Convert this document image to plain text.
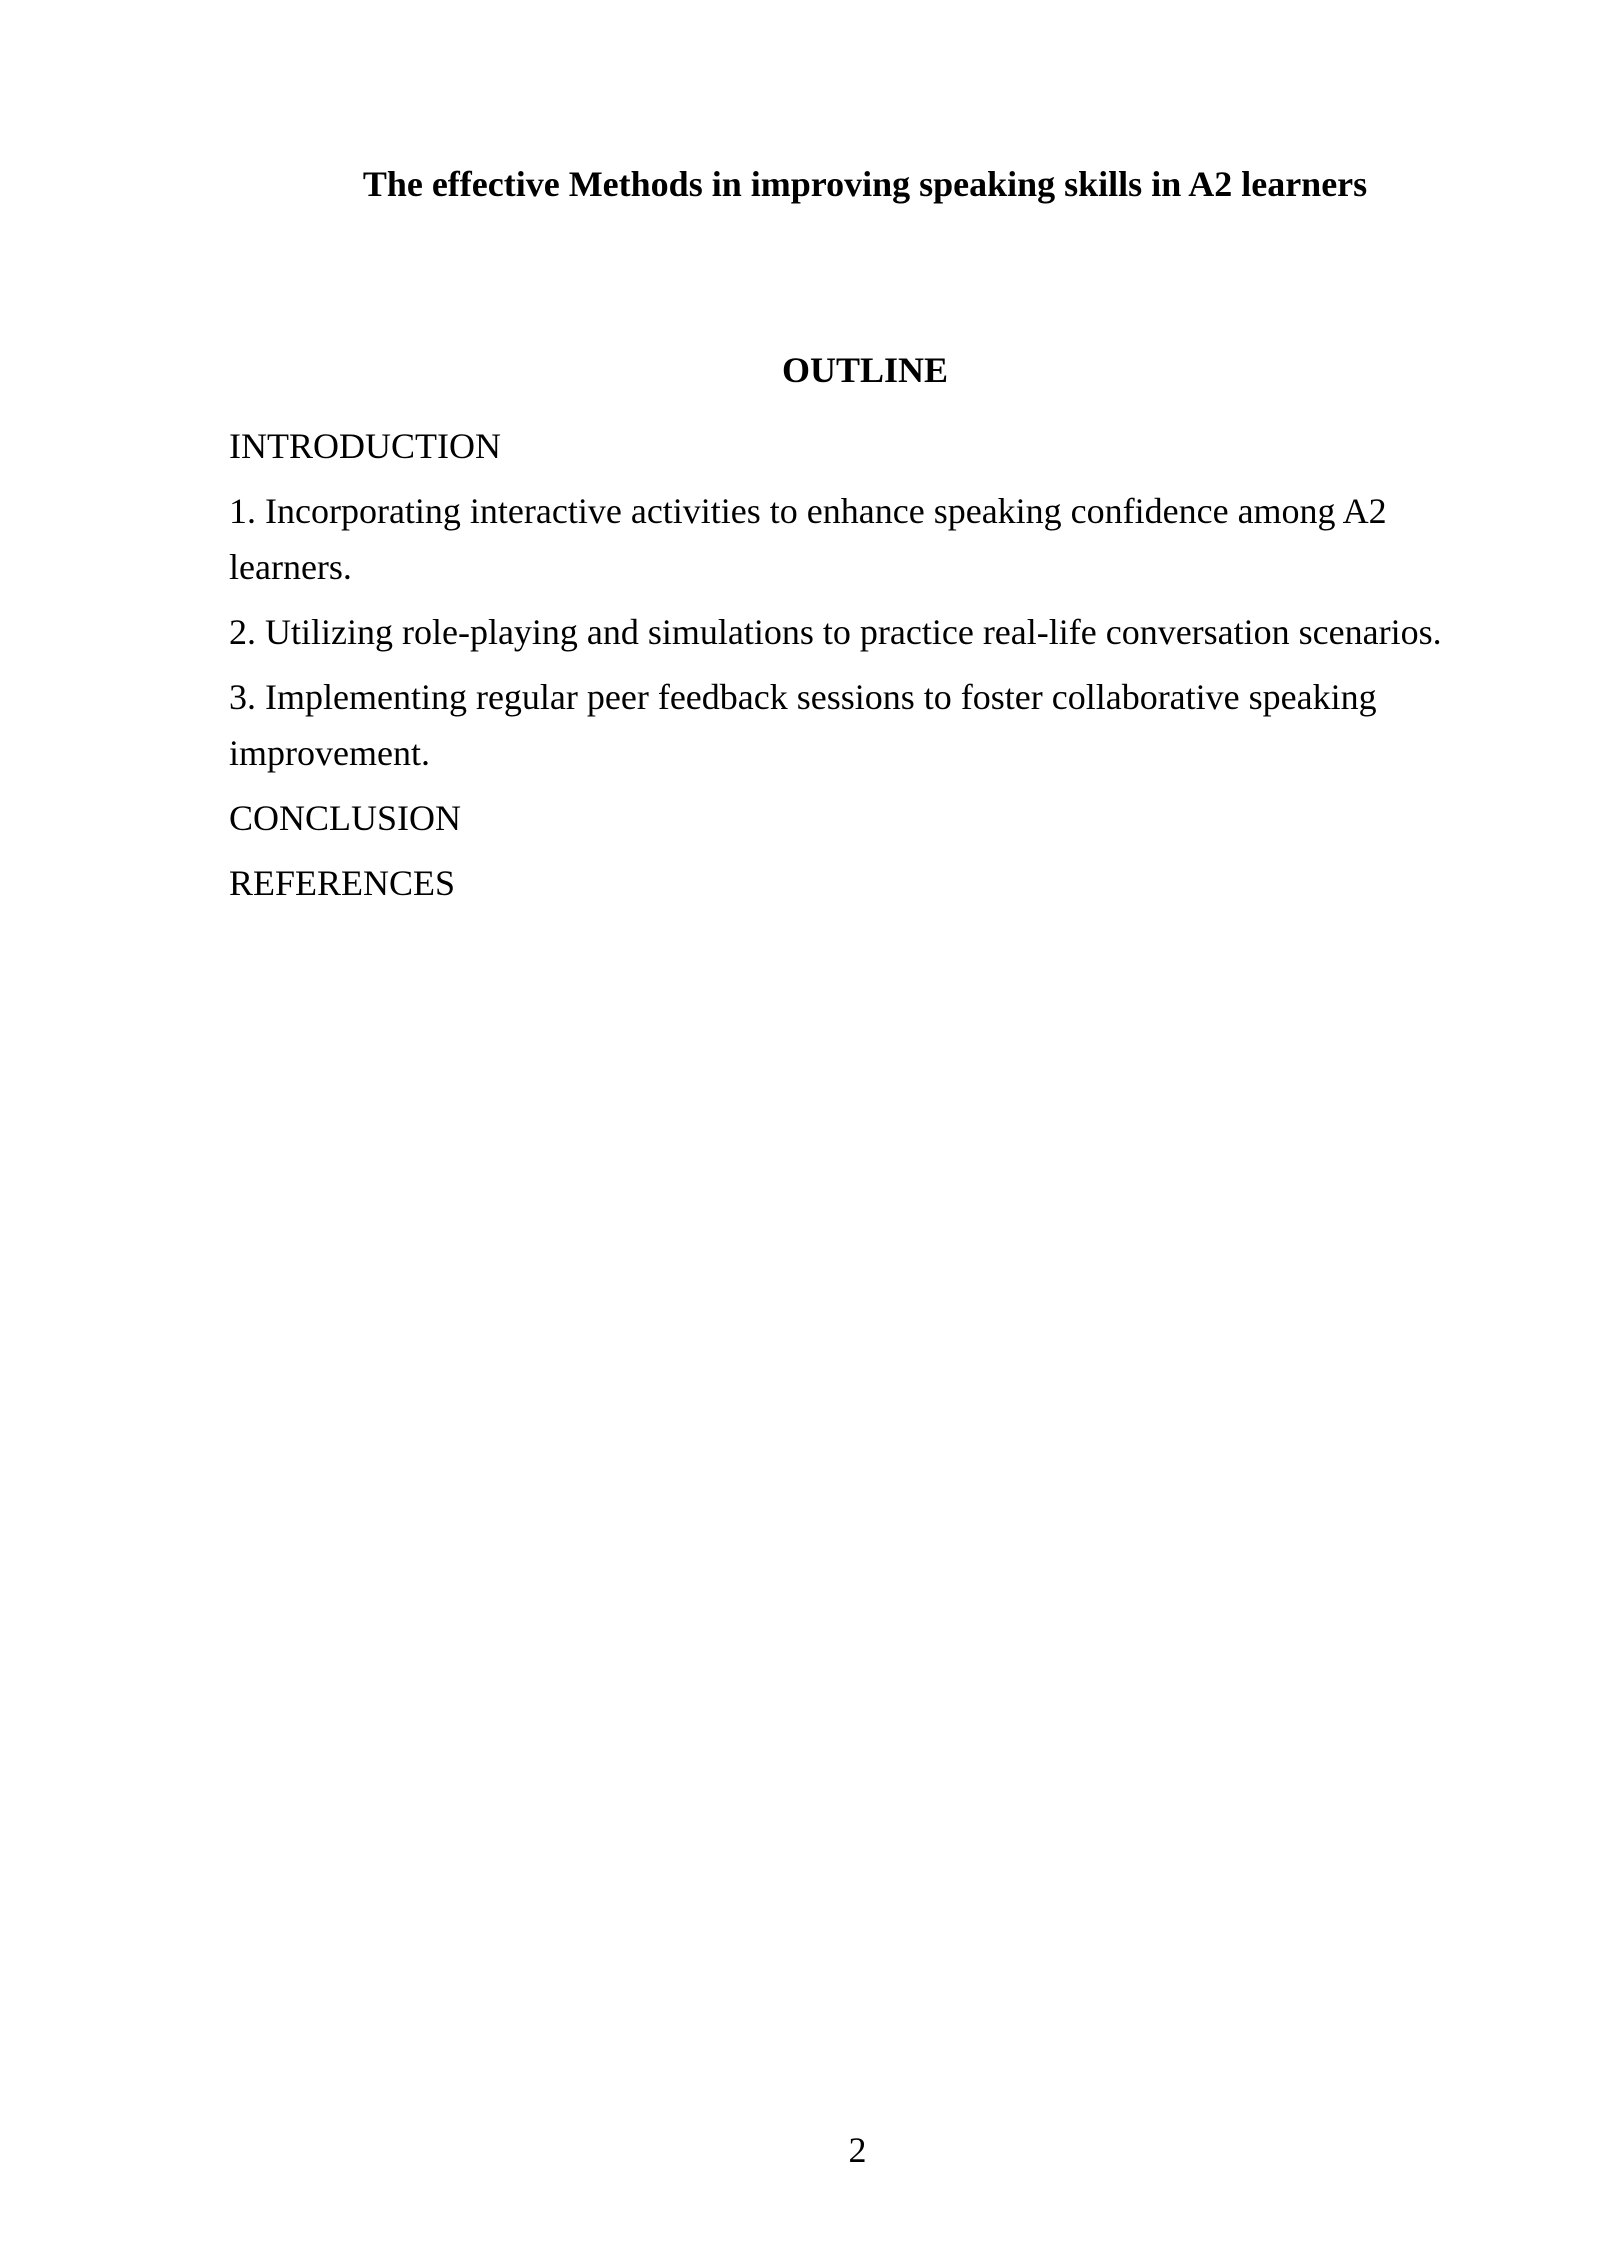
The effective Methods in improving speaking skills in A2 learners
OUTLINE

INTRODUCTION

1. Incorporating interactive activities to enhance speaking confidence among A2 learners.

2. Utilizing role-playing and simulations to practice real-life conversation scenarios.

3. Implementing regular peer feedback sessions to foster collaborative speaking improvement.

CONCLUSION

REFERENCES

2
